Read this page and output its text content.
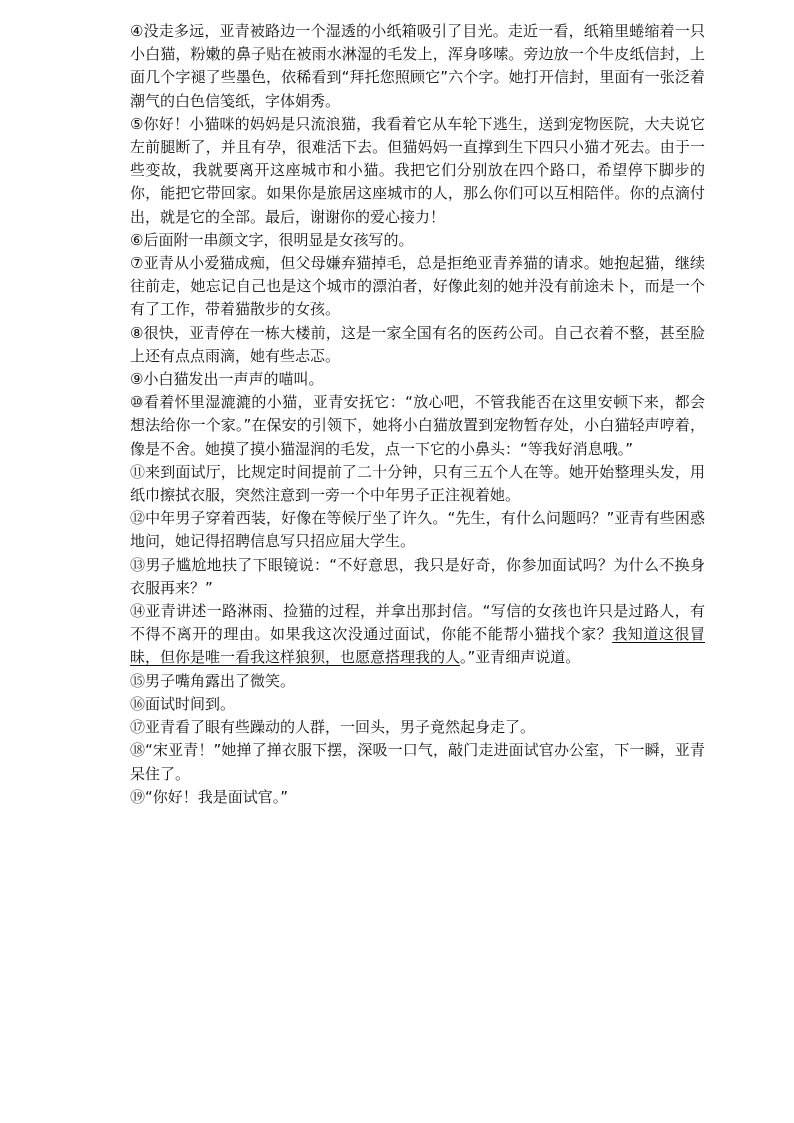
④没走多远，亚青被路边一个湿透的小纸箱吸引了目光。走近一看，纸箱里蜷缩着一只小白猫，粉嫩的鼻子贴在被雨水淋湿的毛发上，浑身哆嗦。旁边放一个牛皮纸信封，上面几个字褪了些墨色，依稀看到“拜托您照顾它”六个字。她打开信封，里面有一张泛着潮气的白色信笺纸，字体娟秀。

⑤你好！小猫咪的妈妈是只流浪猫，我看着它从车轮下逃生，送到宠物医院，大夫说它左前腿断了，并且有孕，很难活下去。但猫妈妈一直撑到生下四只小猫才死去。由于一些变故，我就要离开这座城市和小猫。我把它们分别放在四个路口，希望停下脚步的你，能把它带回家。如果你是旅居这座城市的人，那么你们可以互相陪伴。你的点滴付出，就是它的全部。最后，谢谢你的爱心接力！

⑥后面附一串颜文字，很明显是女孩写的。

⑦亚青从小爱猫成痴，但父母嫌弃猫掉毛，总是拒绝亚青养猫的请求。她抱起猫，继续往前走，她忘记自己也是这个城市的漂泊者，好像此刻的她并没有前途未卜，而是一个有了工作，带着猫散步的女孩。

⑧很快，亚青停在一栋大楼前，这是一家全国有名的医药公司。自己衣着不整，甚至脸上还有点点雨滴，她有些忐忑。

⑨小白猫发出一声声的喵叫。

⑩看着怀里湿漉漉的小猫，亚青安抚它：“放心吧，不管我能否在这里安顿下来，都会想法给你一个家。”在保安的引领下，她将小白猫放置到宠物暂存处，小白猫轻声哼着，像是不舍。她摸了摸小猫湿润的毛发，点一下它的小鼻头：“等我好消息哦。”

⑪来到面试厅，比规定时间提前了二十分钟，只有三五个人在等。她开始整理头发，用纸巾擦拭衣服，突然注意到一旁一个中年男子正注视着她。

⑫中年男子穿着西装，好像在等候厅坐了许久。“先生，有什么问题吗？”亚青有些困惑地问，她记得招聘信息写只招应届大学生。

⑬男子尴尬地扶了下眼镜说：“不好意思，我只是好奇，你参加面试吗？为什么不换身衣服再来？”

⑭亚青讲述一路淋雨、捡猫的过程，并拿出那封信。“写信的女孩也许只是过路人，有不得不离开的理由。如果我这次没通过面试，你能不能帮小猫找个家？我知道这很冒昧，但你是唯一看我这样狼狈，也愿意搭理我的人。”亚青细声说道。

⑮男子嘴角露出了微笑。

⑯面试时间到。

⑰亚青看了眼有些躁动的人群，一回头，男子竟然起身走了。

⑱“宋亚青！”她掸了掸衣服下摆，深吸一口气，敲门走进面试官办公室，下一瞬，亚青呆住了。

⑲“你好！我是面试官。”
